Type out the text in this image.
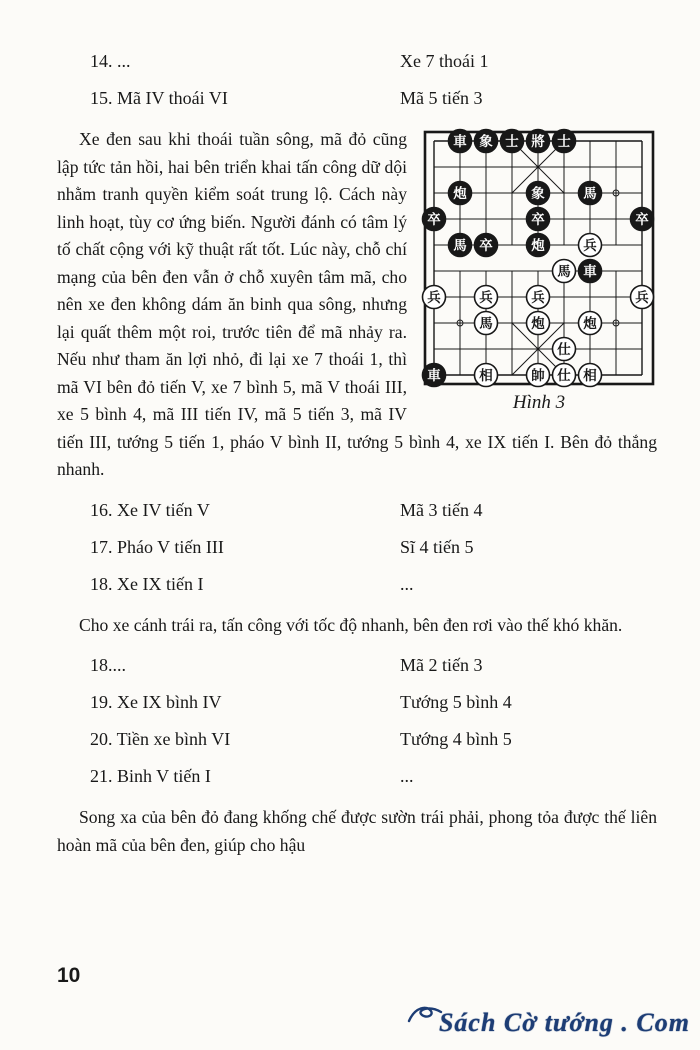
14. ...	Xe 7 thoái 1
15. Mã IV thoái VI	Mã 5 tiến 3
車 象 士 將 士
炮	象	馬
卒	卒	卒
馬 卒	炮	兵
馬 車
兵	兵	兵	兵
馬	炮	炮
仕
車	相	帥 仕 相
Hình 3

Xe đen sau khi thoái tuần sông, mã đỏ cũng lập tức tản hồi, hai bên triển khai tấn công dữ dội nhằm tranh quyền kiểm soát trung lộ. Cách này linh hoạt, tùy cơ ứng biến. Người đánh có tâm lý tố chất cộng với kỹ thuật rất tốt. Lúc này, chỗ chí mạng của bên đen vẫn ở chỗ xuyên tâm mã, cho nên xe đen không dám ăn binh qua sông, nhưng lại quất thêm một roi, trước tiên để mã nhảy ra. Nếu như tham ăn lợi nhỏ, đi lại xe 7 thoái 1, thì mã VI bên đỏ tiến V, xe 7 bình 5, mã V thoái III, xe 5 bình 4, mã III tiến IV, mã 5 tiến 3, mã IV tiến III, tướng 5 tiến 1, pháo V bình II, tướng 5 bình 4, xe IX tiến I. Bên đỏ thắng nhanh.

16. Xe IV tiến V	Mã 3 tiến 4
17. Pháo V tiến III	Sĩ 4 tiến 5
18. Xe IX tiến I	...

Cho xe cánh trái ra, tấn công với tốc độ nhanh, bên đen rơi vào thế khó khăn.

18....	Mã 2 tiến 3
19. Xe IX bình IV	Tướng 5 bình 4
20. Tiền xe bình VI	Tướng 4 bình 5
21. Binh V tiến I	...

Song xa của bên đỏ đang khống chế được sườn trái phải, phong tỏa được thế liên hoàn mã của bên đen, giúp cho hậu

10
Sách Cờ tướng . Com
